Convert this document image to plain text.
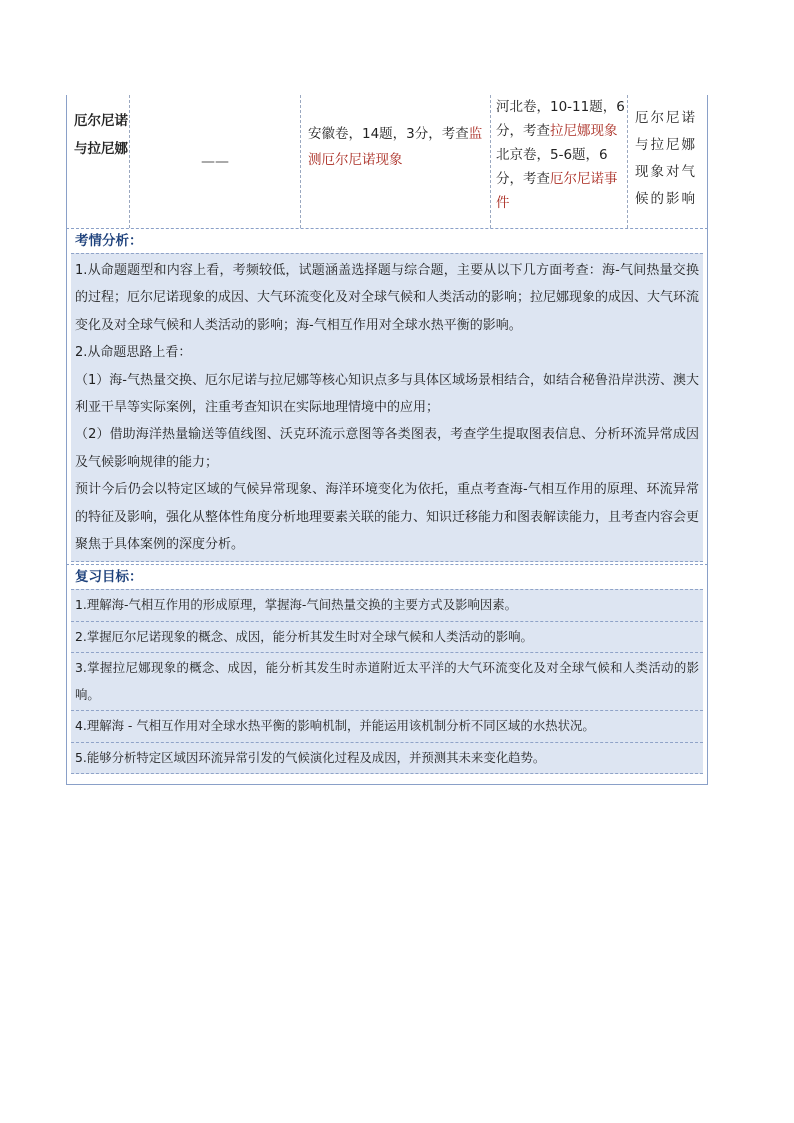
厄尔尼诺与拉尼娜
——
安徽卷，14题，3分，考查监测厄尔尼诺现象
河北卷，10-11题，6分，考查拉尼娜现象
北京卷，5-6题，6分，考查厄尔尼诺事件
厄尔尼诺与拉尼娜现象对气候的影响
考情分析：

1.从命题题型和内容上看，考频较低，试题涵盖选择题与综合题，主要从以下几方面考查：海-气间热量交换的过程；厄尔尼诺现象的成因、大气环流变化及对全球气候和人类活动的影响；拉尼娜现象的成因、大气环流变化及对全球气候和人类活动的影响；海-气相互作用对全球水热平衡的影响。

2.从命题思路上看：

（1）海-气热量交换、厄尔尼诺与拉尼娜等核心知识点多与具体区域场景相结合，如结合秘鲁沿岸洪涝、澳大利亚干旱等实际案例，注重考查知识在实际地理情境中的应用；

（2）借助海洋热量输送等值线图、沃克环流示意图等各类图表，考查学生提取图表信息、分析环流异常成因及气候影响规律的能力；

预计今后仍会以特定区域的气候异常现象、海洋环境变化为依托，重点考查海-气相互作用的原理、环流异常的特征及影响，强化从整体性角度分析地理要素关联的能力、知识迁移能力和图表解读能力，且考查内容会更聚焦于具体案例的深度分析。

复习目标：
1.理解海-气相互作用的形成原理，掌握海-气间热量交换的主要方式及影响因素。
2.掌握厄尔尼诺现象的概念、成因，能分析其发生时对全球气候和人类活动的影响。
3.掌握拉尼娜现象的概念、成因，能分析其发生时赤道附近太平洋的大气环流变化及对全球气候和人类活动的影响。
4.理解海 - 气相互作用对全球水热平衡的影响机制，并能运用该机制分析不同区域的水热状况。
5.能够分析特定区域因环流异常引发的气候演化过程及成因，并预测其未来变化趋势。
